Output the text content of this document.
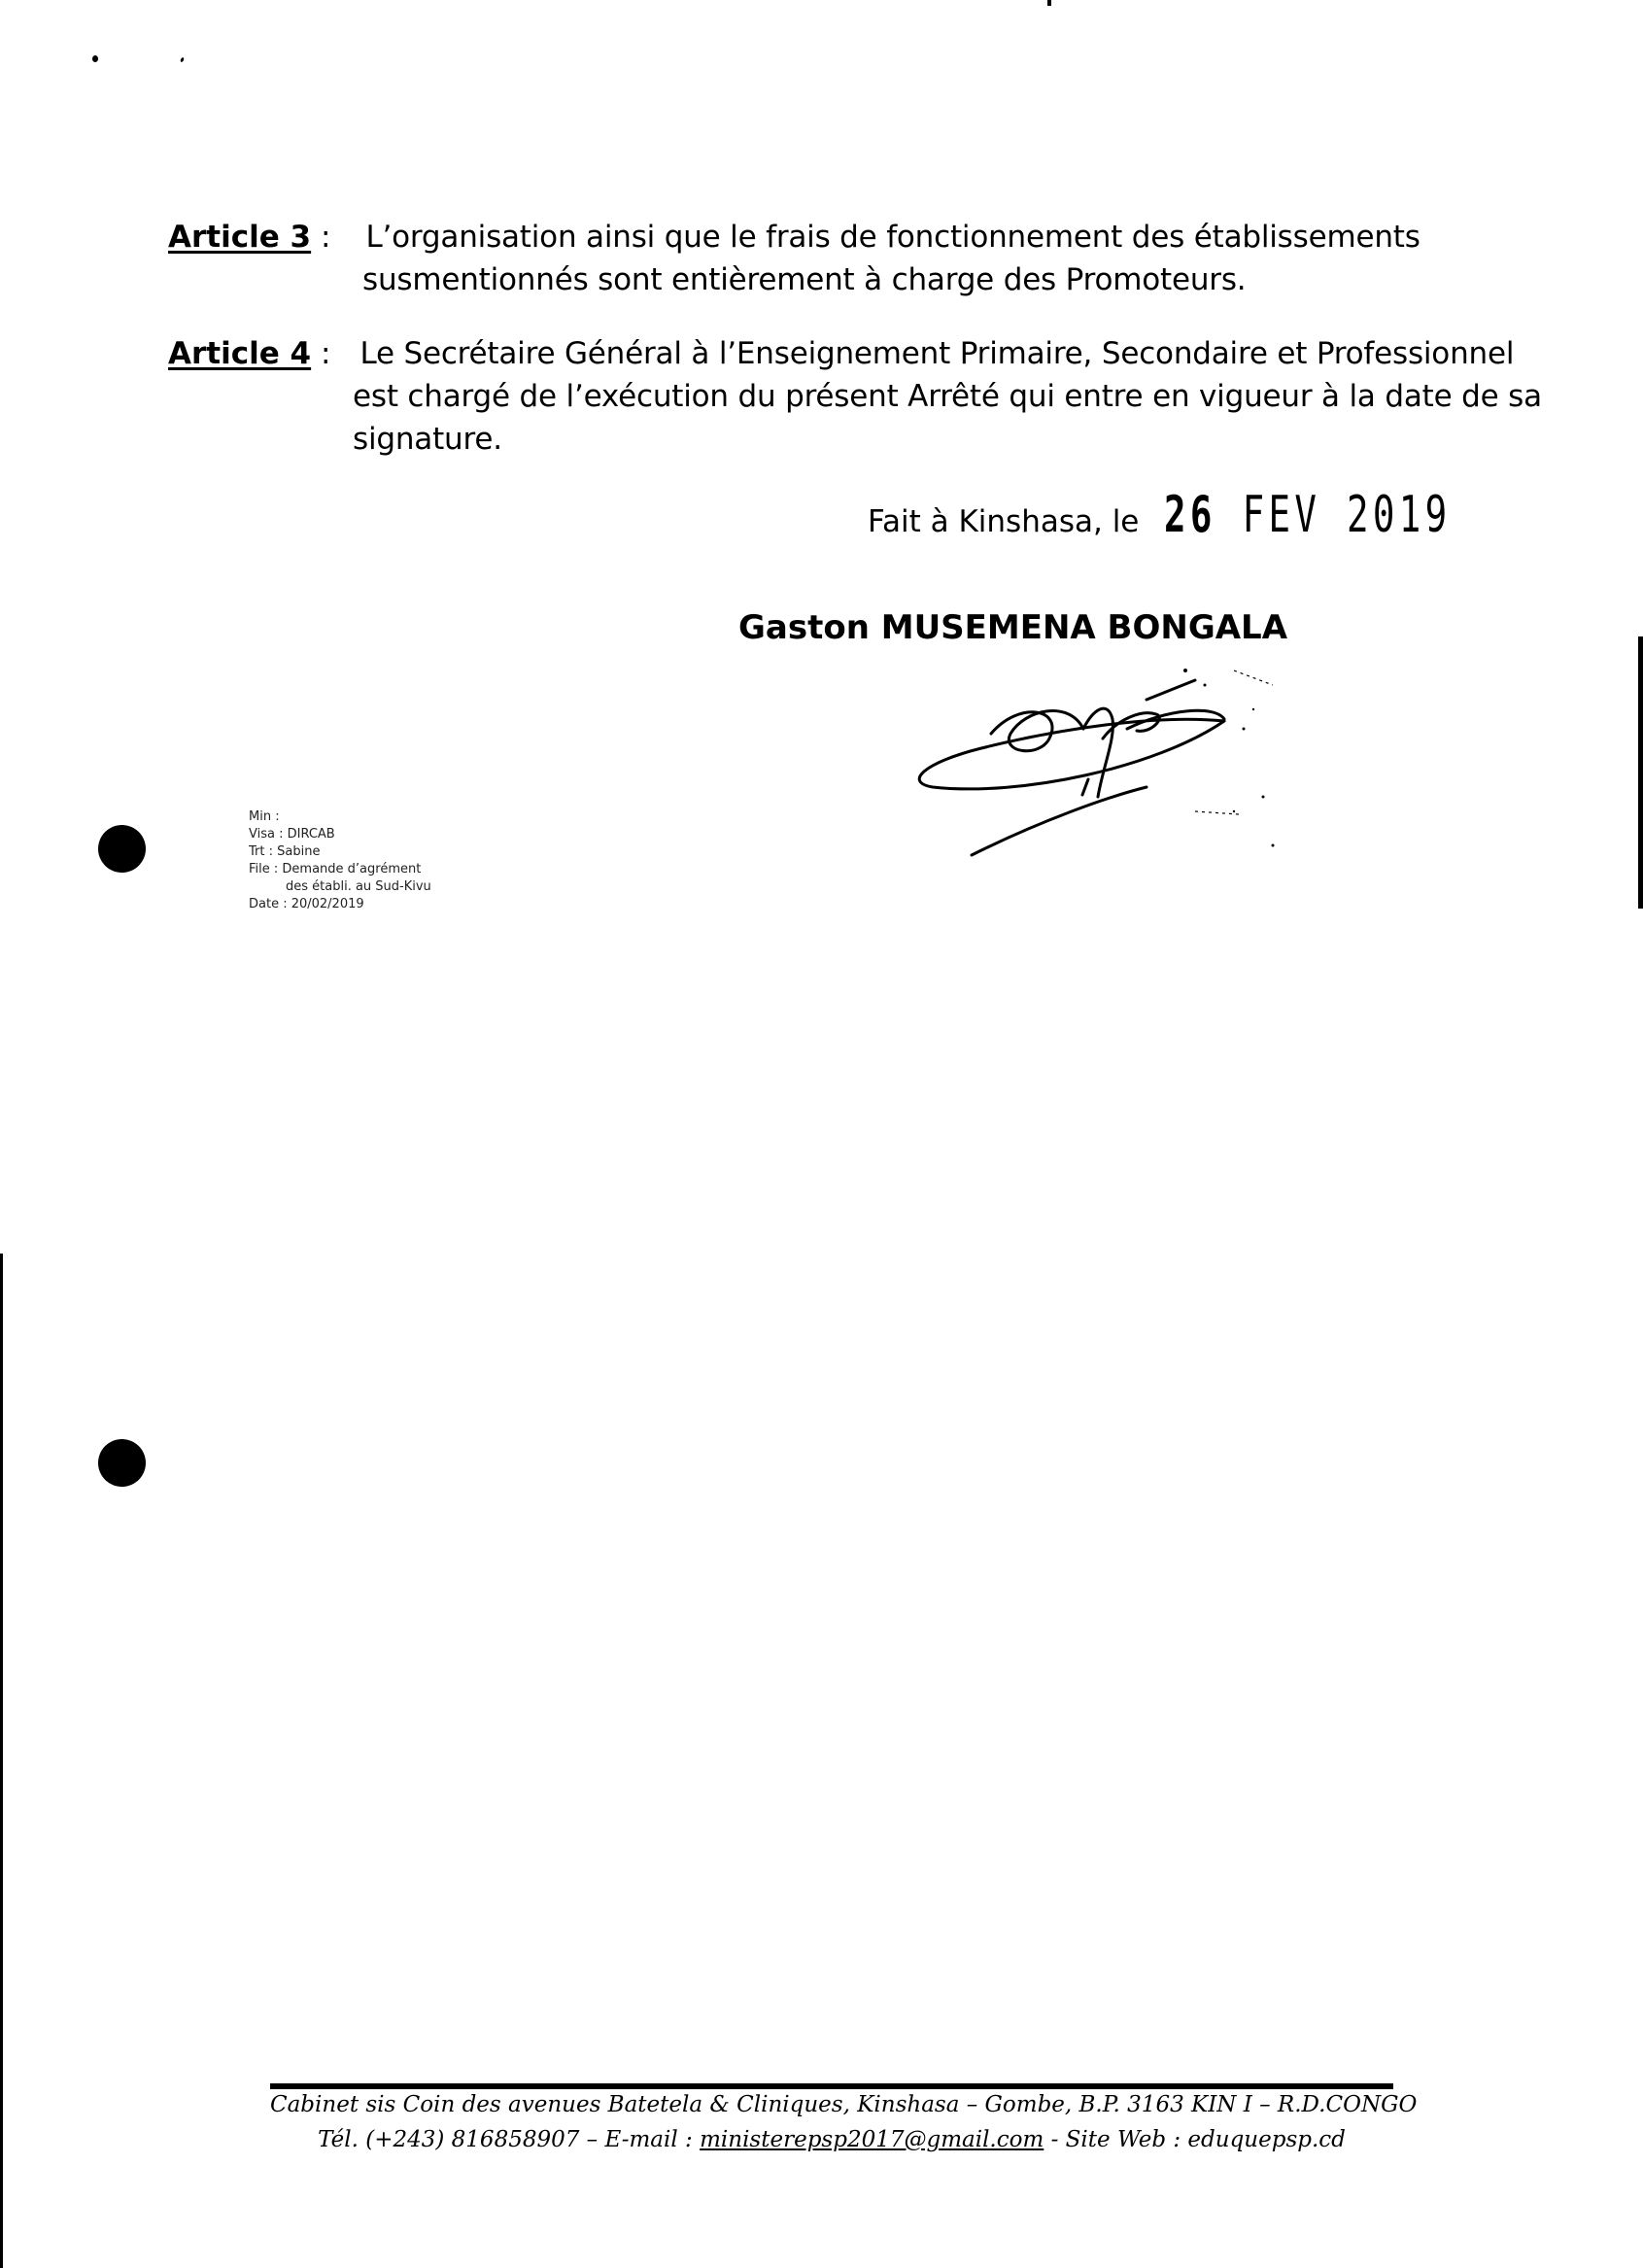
Article 3 : L’organisation ainsi que le frais de fonctionnement des établissements
susmentionnés sont entièrement à charge des Promoteurs.
Article 4 : Le Secrétaire Général à l’Enseignement Primaire, Secondaire et Professionnel
est chargé de l’exécution du présent Arrêté qui entre en vigueur à la date de sa
signature.
Fait à Kinshasa, le 26 FEV 2019
Gaston MUSEMENA BONGALA
Min :
Visa : DIRCAB
Trt : Sabine
File : Demande d’agrément
des établi. au Sud-Kivu
Date : 20/02/2019
Cabinet sis Coin des avenues Batetela & Cliniques, Kinshasa – Gombe, B.P. 3163 KIN I – R.D.CONGO
Tél. (+243) 816858907 – E-mail : ministerepsp2017@gmail.com - Site Web : eduquepsp.cd
